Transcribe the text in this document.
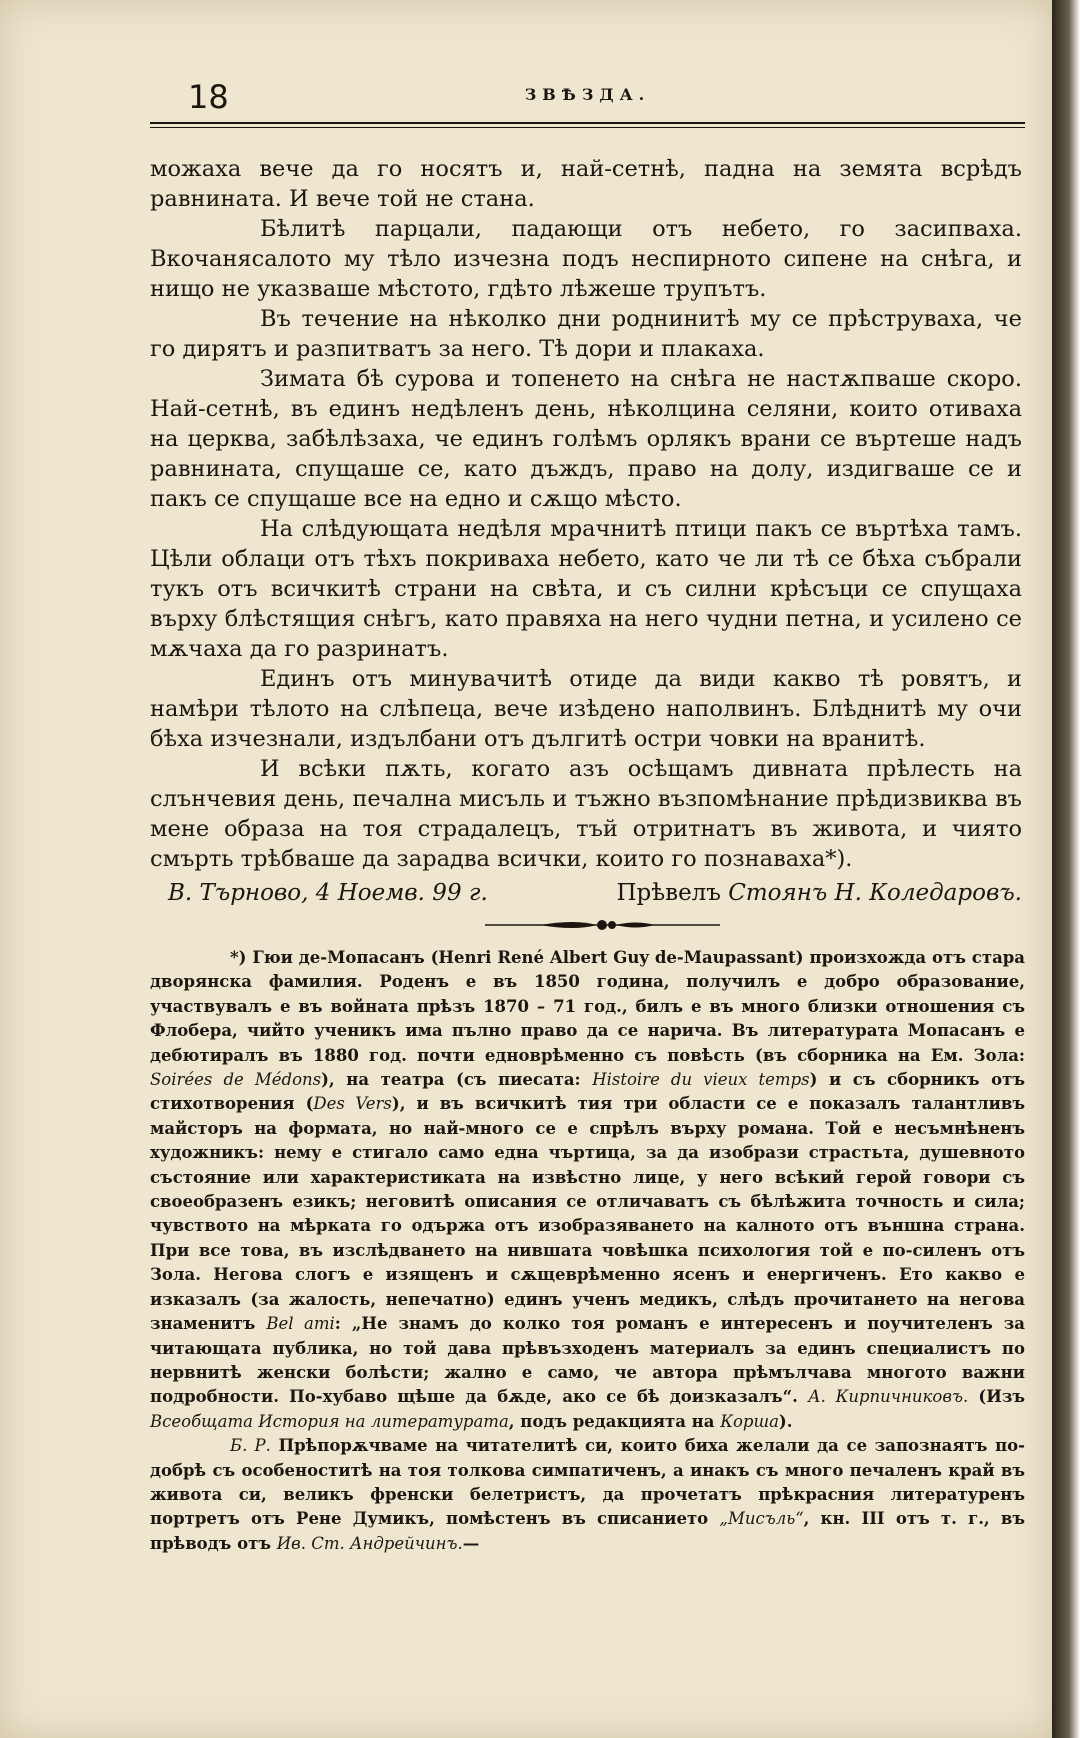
18	ЗВѢЗДА.

можаха вече да го носятъ и, най-сетнѣ, падна на земята всрѣдъ равнината. И вече той не стана.

Бѣлитѣ парцали, падающи отъ небето, го засипваха. Вкочанясалото му тѣло изчезна подъ неспирното сипене на снѣга, и нищо не указваше мѣстото, гдѣто лѣжеше трупътъ.

Въ течение на нѣколко дни роднинитѣ му се прѣструваха, че го дирятъ и разпитватъ за него. Тѣ дори и плакаха.

Зимата бѣ сурова и топенето на снѣга не настѫпваше скоро. Най-сетнѣ, въ единъ недѣленъ день, нѣколцина селяни, които отиваха на церква, забѣлѣзаха, че единъ голѣмъ орлякъ врани се въртеше надъ равнината, спущаше се, като дъждъ, право на долу, издигваше се и пакъ се спущаше все на едно и сѫщо мѣсто.

На слѣдующата недѣля мрачнитѣ птици пакъ се въртѣха тамъ. Цѣли облаци отъ тѣхъ покриваха небето, като че ли тѣ се бѣха събрали тукъ отъ всичкитѣ страни на свѣта, и съ силни крѣсъци се спущаха върху блѣстящия снѣгъ, като правяха на него чудни петна, и усилено се мѫчаха да го разринатъ.

Единъ отъ минувачитѣ отиде да види какво тѣ ровятъ, и намѣри тѣлото на слѣпеца, вече изѣдено наполвинъ. Блѣднитѣ му очи бѣха изчезнали, издълбани отъ дългитѣ остри човки на вранитѣ.

И всѣки пѫть, когато азъ осѣщамъ дивната прѣлесть на слънчевия день, печална мисъль и тъжно възпомѣнание прѣдизвиква въ мене образа на тоя страдалецъ, тъй отритнатъ въ живота, и чиято смърть трѣбваше да зарадва всички, които го познаваха*).

В. Търново, 4 Ноемв. 99 г.	Прѣвелъ Стоянъ Н. Коледаровъ.

*) Гюи де-Мопасанъ (Henri René Albert Guy de-Maupassant) произхожда отъ стара дворянска фамилия. Роденъ е въ 1850 година, получилъ е добро образование, участвувалъ е въ войната прѣзъ 1870 – 71 год., билъ е въ много близки отношения съ Флобера, чийто ученикъ има пълно право да се нарича. Въ литературата Мопасанъ е дебютиралъ въ 1880 год. почти едноврѣменно съ повѣсть (въ сборника на Ем. Зола: Soirées de Médons), на театра (съ пиесата: Histoire du vieux temps) и съ сборникъ отъ стихотворения (Des Vers), и въ всичкитѣ тия три области се е показалъ талантливъ майсторъ на формата, но най-много се е спрѣлъ върху романа. Той е несъмнѣненъ художникъ: нему е стигало само една чъртица, за да изобрази страстьта, душевното състояние или характеристиката на извѣстно лице, у него всѣкий герой говори съ своеобразенъ езикъ; неговитѣ описания се отличаватъ съ бѣлѣжита точность и сила; чувството на мѣрката го одържа отъ изобразяването на калното отъ външна страна. При все това, въ изслѣдването на нившата човѣшка психология той е по-силенъ отъ Зола. Негова слогъ е изященъ и сѫщеврѣменно ясенъ и енергиченъ. Ето какво е изказалъ (за жалость, непечатно) единъ ученъ медикъ, слѣдъ прочитането на негова знаменитъ Bel ami: „Не знамъ до колко тоя романъ е интересенъ и поучителенъ за читающата публика, но той дава прѣвъзходенъ материалъ за единъ специалистъ по нервнитѣ женски болѣсти; жално е само, че автора прѣмълчава многото важни подробности. По-хубаво щѣше да бѫде, ако се бѣ доизказалъ“. А. Кирпичниковъ. (Изъ Всеобщата История на литературата, подъ редакцията на Корша).

Б. Р. Прѣпорѫчваме на читателитѣ си, които биха желали да се запознаятъ по-добрѣ съ особеноститѣ на тоя толкова симпатиченъ, а инакъ съ много печаленъ край въ живота си, великъ френски белетристъ, да прочетатъ прѣкрасния литературенъ портретъ отъ Рене Думикъ, помѣстенъ въ списанието „Мисъль“, кн. III отъ т. г., въ прѣводъ отъ Ив. Ст. Андрейчинъ.—
